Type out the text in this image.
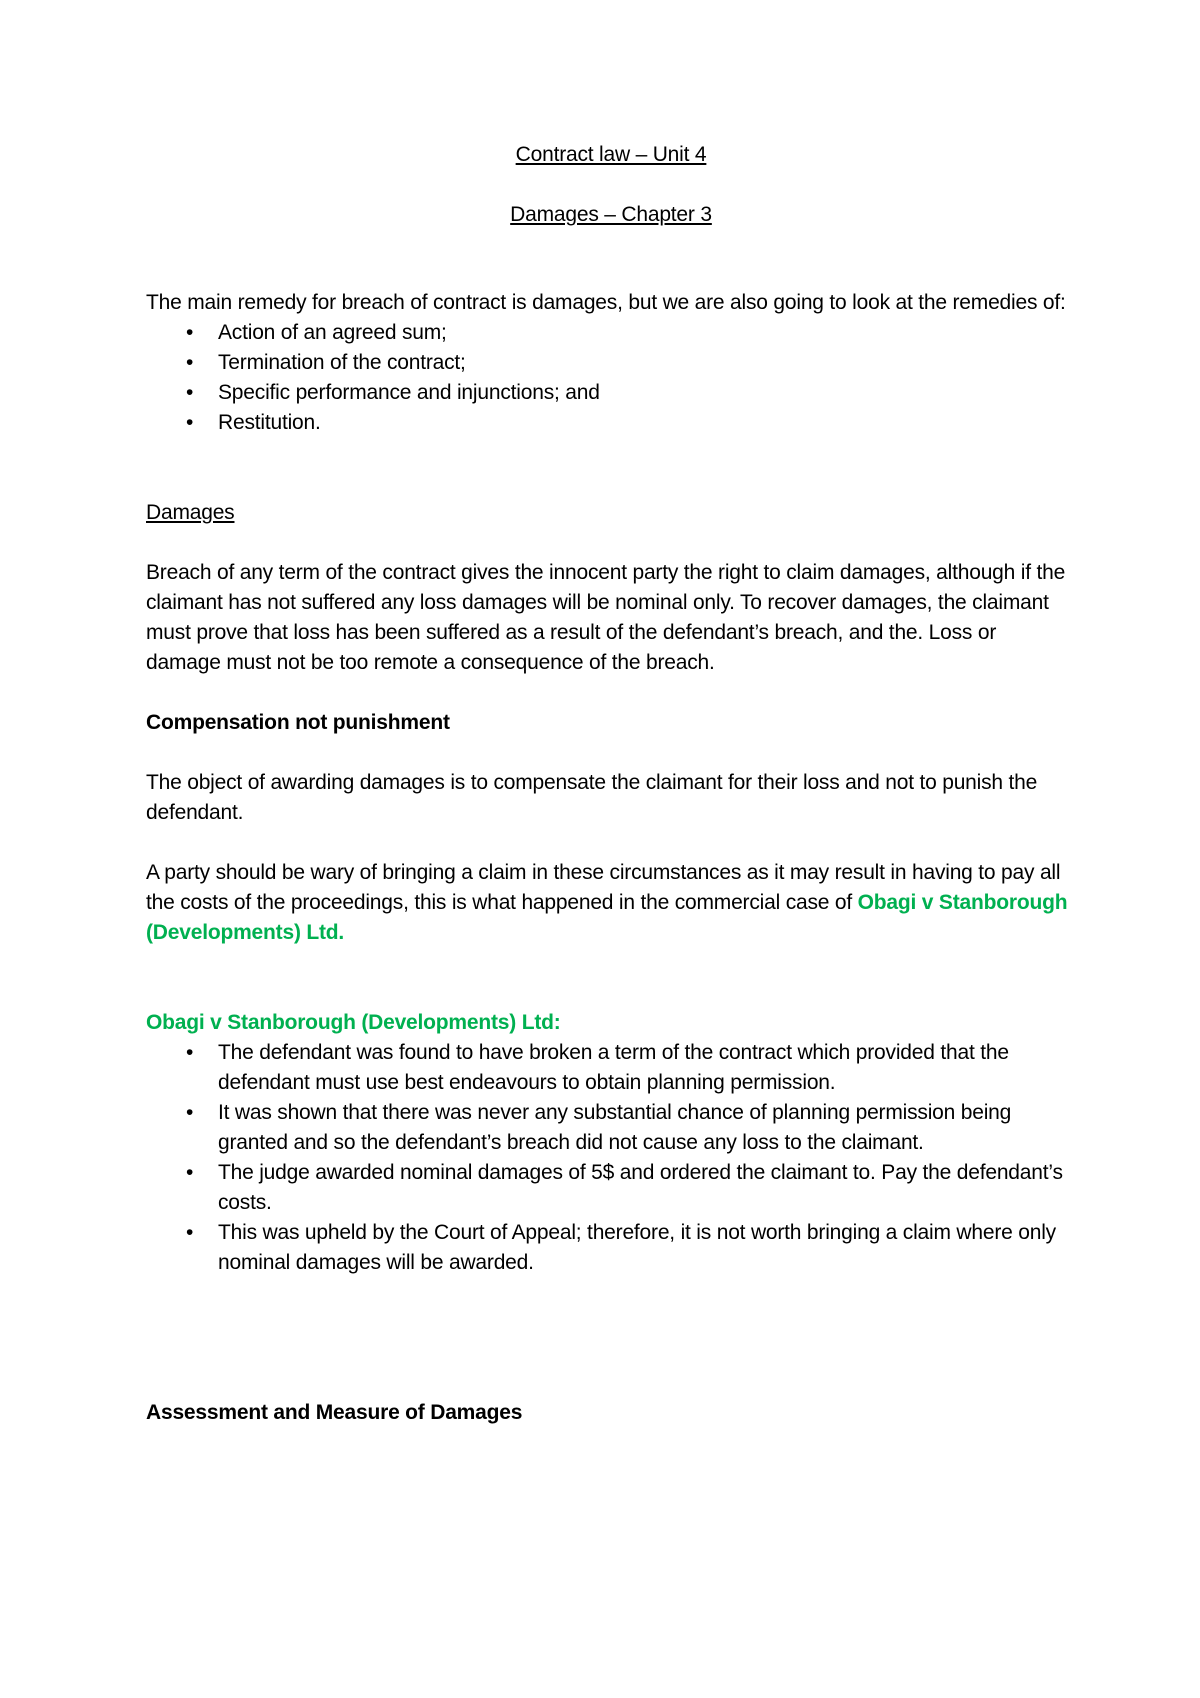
Contract law – Unit 4

Damages – Chapter 3

The main remedy for breach of contract is damages, but we are also going to look at the remedies of:

• Action of an agreed sum;
• Termination of the contract;
• Specific performance and injunctions; and
• Restitution.

Damages

Breach of any term of the contract gives the innocent party the right to claim damages, although if the claimant has not suffered any loss damages will be nominal only. To recover damages, the claimant must prove that loss has been suffered as a result of the defendant’s breach, and the. Loss or damage must not be too remote a consequence of the breach.

Compensation not punishment

The object of awarding damages is to compensate the claimant for their loss and not to punish the defendant.

A party should be wary of bringing a claim in these circumstances as it may result in having to pay all the costs of the proceedings, this is what happened in the commercial case of Obagi v Stanborough (Developments) Ltd.

Obagi v Stanborough (Developments) Ltd:

• The defendant was found to have broken a term of the contract which provided that the defendant must use best endeavours to obtain planning permission.
• It was shown that there was never any substantial chance of planning permission being granted and so the defendant’s breach did not cause any loss to the claimant.
• The judge awarded nominal damages of 5$ and ordered the claimant to. Pay the defendant’s costs.
• This was upheld by the Court of Appeal; therefore, it is not worth bringing a claim where only nominal damages will be awarded.

Assessment and Measure of Damages
